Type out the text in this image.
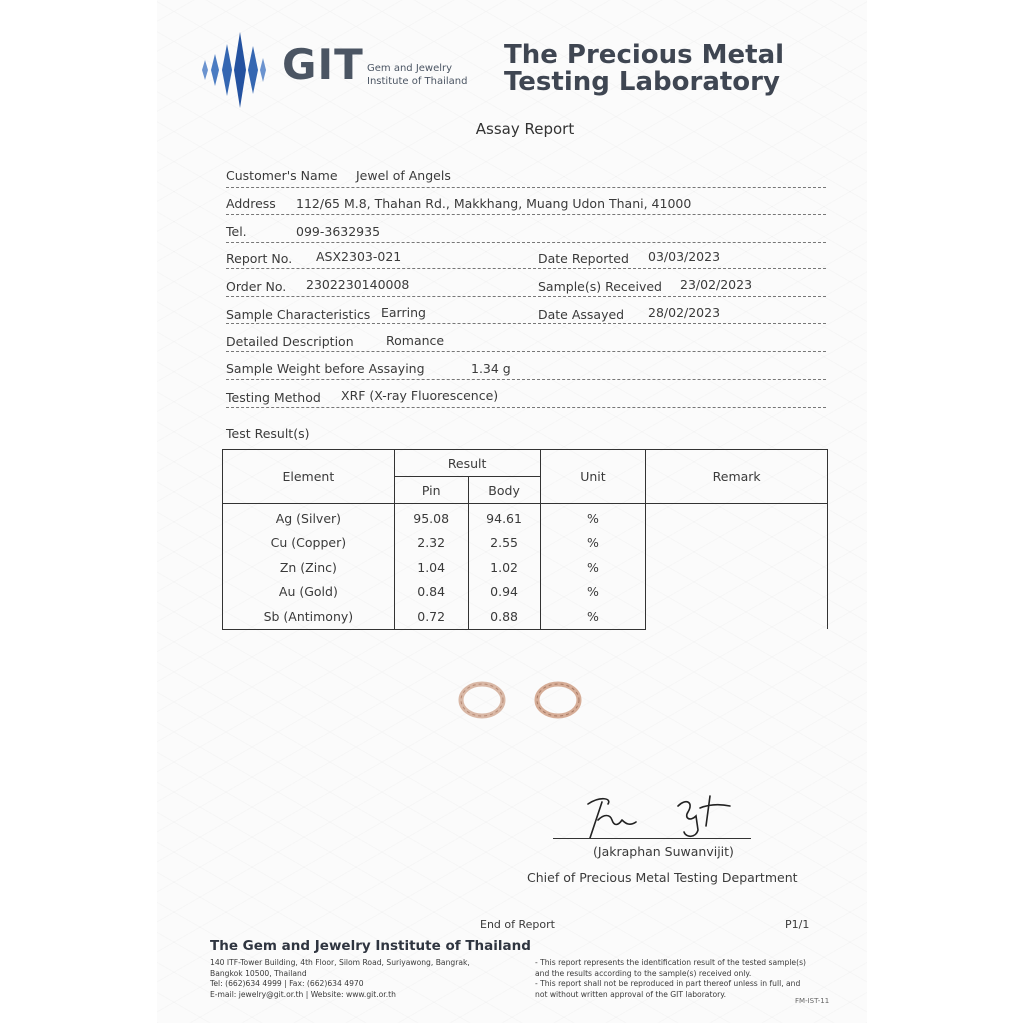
GIT Gem and Jewelry
Institute of Thailand
The Precious Metal
Testing Laboratory
Assay Report
Customer's Name Jewel of Angels
Address 112/65 M.8, Thahan Rd., Makkhang, Muang Udon Thani, 41000
Tel.	099-3632935
Report No. ASX2303-021	Date Reported 03/03/2023
Order No. 2302230140008	Sample(s) Received 23/02/2023
Sample Characteristics Earring	Date Assayed 28/02/2023
Detailed Description	Romance
Sample Weight before Assaying	1.34 g
Testing Method XRF (X-ray Fluorescence)
Test Result(s)
Element	Result		Unit	Remark
	Pin	Body		
Ag (Silver)	95.08	94.61	%	
Cu (Copper)	2.32	2.55	%	
Zn (Zinc)	1.04	1.02	%	
Au (Gold)	0.84	0.94	%	
Sb (Antimony)	0.72	0.88	%	
(Jakraphan Suwanvijit)
Chief of Precious Metal Testing Department
End of Report	P1/1
The Gem and Jewelry Institute of Thailand
140 ITF-Tower Building, 4th Floor, Silom Road, Suriyawong, Bangrak,
Bangkok 10500, Thailand
Tel: (662)634 4999 | Fax: (662)634 4970
E-mail: jewelry@git.or.th | Website: www.git.or.th
- This report represents the identification result of the tested sample(s)
and the results according to the sample(s) received only.
- This report shall not be reproduced in part thereof unless in full, and
not without written approval of the GIT laboratory.
FM-IST-11
